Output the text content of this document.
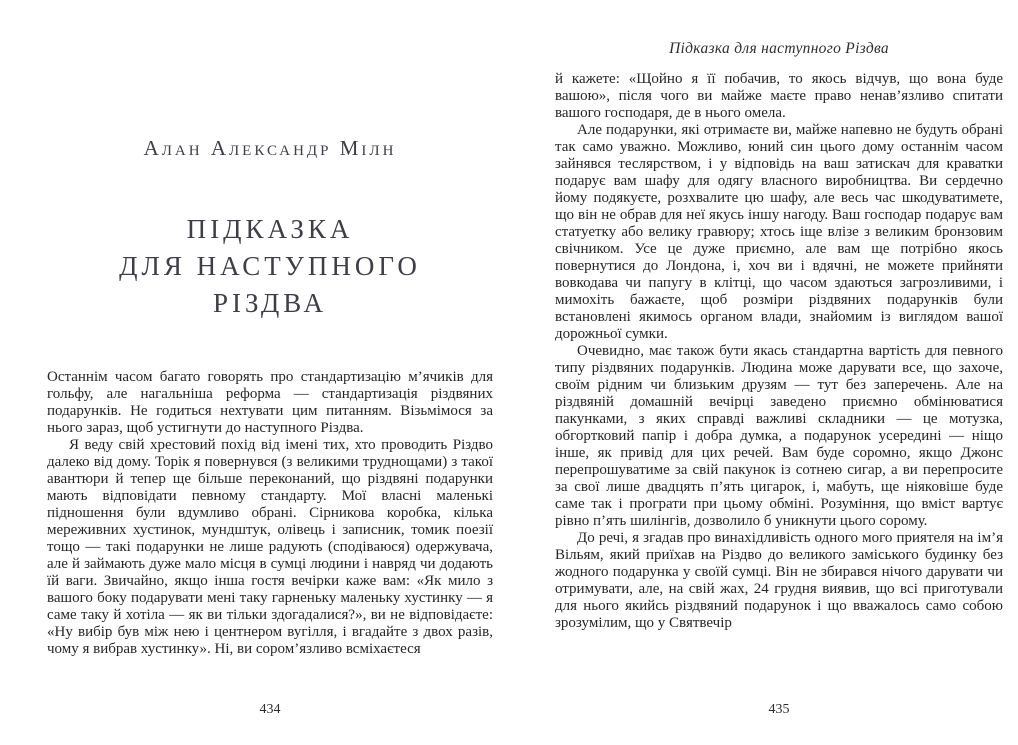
Алан Александр Мілн
ПІДКАЗКА
ДЛЯ НАСТУПНОГО
РІЗДВА

Останнім часом багато говорять про стандартизацію м’ячиків для гольфу, але нагальніша реформа — стандартизація різдвяних подарунків. Не годиться нехтувати цим питанням. Візьмімося за нього зараз, щоб устигнути до наступного Різдва.

Я веду свій хрестовий похід від імені тих, хто проводить Різдво далеко від дому. Торік я повернувся (з великими труднощами) з такої авантюри й тепер ще більше переконаний, що різдвяні подарунки мають відповідати певному стандарту. Мої власні маленькі підношення були вдумливо обрані. Сірникова коробка, кілька мереживних хустинок, мундштук, олівець і записник, томик поезії тощо — такі подарунки не лише радують (сподіваюся) одержувача, але й займають дуже мало місця в сумці людини і навряд чи додають їй ваги. Звичайно, якщо інша гостя вечірки каже вам: «Як мило з вашого боку подарувати мені таку гарненьку маленьку хустинку — я саме таку й хотіла — як ви тільки здогадалися?», ви не відповідаєте: «Ну вибір був між нею і центнером вугілля, і вгадайте з двох разів, чому я вибрав хустинку». Ні, ви сором’язливо всміхаєтеся

434
Підказка для наступного Різдва

й кажете: «Щойно я її побачив, то якось відчув, що вона буде вашою», після чого ви майже маєте право ненав’язливо спитати вашого господаря, де в нього омела.

Але подарунки, які отримаєте ви, майже напевно не будуть обрані так само уважно. Можливо, юний син цього дому останнім часом зайнявся теслярством, і у відповідь на ваш затискач для краватки подарує вам шафу для одягу власного виробництва. Ви сердечно йому подякуєте, розхвалите цю шафу, але весь час шкодуватимете, що він не обрав для неї якусь іншу нагоду. Ваш господар подарує вам статуетку або велику гравюру; хтось іще влізе з великим бронзовим свічником. Усе це дуже приємно, але вам ще потрібно якось повернутися до Лондона, і, хоч ви і вдячні, не можете прийняти вовкодава чи папугу в клітці, що часом здаються загрозливими, і мимохіть бажаєте, щоб розміри різдвяних подарунків були встановлені якимось органом влади, знайомим із виглядом вашої дорожньої сумки.

Очевидно, має також бути якась стандартна вартість для певного типу різдвяних подарунків. Людина може дарувати все, що захоче, своїм рідним чи близьким друзям — тут без заперечень. Але на різдвяній домашній вечірці заведено приємно обмінюватися пакунками, з яких справді важливі складники — це мотузка, обгортковий папір і добра думка, а подарунок усередині — ніщо інше, як привід для цих речей. Вам буде соромно, якщо Джонс перепрошуватиме за свій пакунок із сотнею сигар, а ви перепросите за свої лише двадцять п’ять цигарок, і, мабуть, ще ніяковіше буде саме так і програти при цьому обміні. Розуміння, що вміст вартує рівно п’ять шилінгів, дозволило б уникнути цього сорому.

До речі, я згадав про винахідливість одного мого приятеля на ім’я Вільям, який приїхав на Різдво до великого заміського будинку без жодного подарунка у своїй сумці. Він не збирався нічого дарувати чи отримувати, але, на свій жах, 24 грудня виявив, що всі приготували для нього якийсь різдвяний подарунок і що вважалось само собою зрозумілим, що у Святвечір

435
